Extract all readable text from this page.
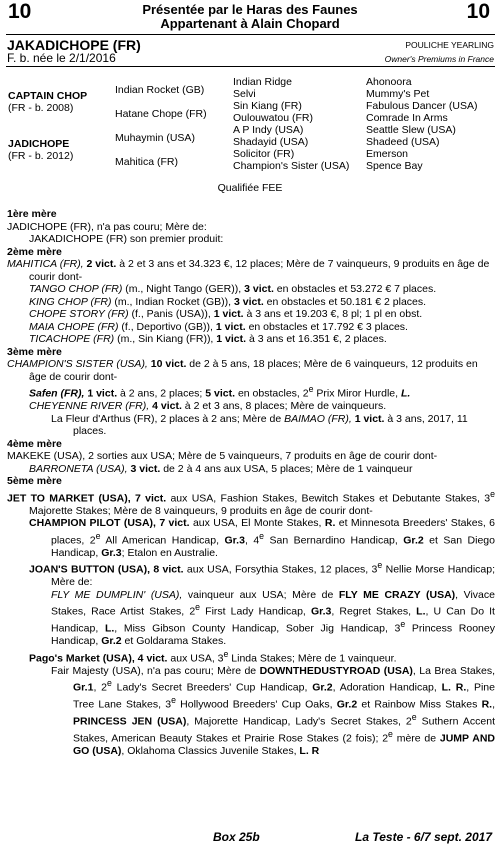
10	10
Présentée par le Haras des Faunes
Appartenant à Alain Chopard
JAKADICHOPE (FR)
F. b. née le 2/1/2016
POULICHE YEARLING
Owner's Premiums in France
CAPTAIN CHOP
(FR - b. 2008)
JADICHOPE
(FR - b. 2012)
Indian Rocket (GB)
Hatane Chope (FR)
Muhaymin (USA)
Mahitica (FR)
Indian Ridge
Selvi
Sin Kiang (FR)
Oulouwatou (FR)
A P Indy (USA)
Shadayid (USA)
Solicitor (FR)
Champion's Sister (USA)
Ahonoora
Mummy's Pet
Fabulous Dancer (USA)
Comrade In Arms
Seattle Slew (USA)
Shadeed (USA)
Emerson
Spence Bay
Qualifiée FEE
1ère mère
JADICHOPE (FR), n'a pas couru; Mère de:
JAKADICHOPE (FR) son premier produit:
2ème mère
MAHITICA (FR), 2 vict. à 2 et 3 ans et 34.323 €, 12 places; Mère de 7 vainqueurs, 9 produits en âge de courir dont-
TANGO CHOP (FR) (m., Night Tango (GER)), 3 vict. en obstacles et 53.272 € 7 places.
KING CHOP (FR) (m., Indian Rocket (GB)), 3 vict. en obstacles et 50.181 € 2 places.
CHOPE STORY (FR) (f., Panis (USA)), 1 vict. à 3 ans et 19.203 €, 8 pl; 1 pl en obst.
MAIA CHOPE (FR) (f., Deportivo (GB)), 1 vict. en obstacles et 17.792 € 3 places.
TICACHOPE (FR) (m., Sin Kiang (FR)), 1 vict. à 3 ans et 16.351 €, 2 places.
3ème mère
CHAMPION'S SISTER (USA), 10 vict. de 2 à 5 ans, 18 places; Mère de 6 vainqueurs, 12 produits en âge de courir dont-
Safen (FR), 1 vict. à 2 ans, 2 places; 5 vict. en obstacles, 2e Prix Miror Hurdle, L.
CHEYENNE RIVER (FR), 4 vict. à 2 et 3 ans, 8 places; Mère de vainqueurs.
La Fleur d'Arthus (FR), 2 places à 2 ans; Mère de BAIMAO (FR), 1 vict. à 3 ans, 2017, 11 places.
4ème mère
MAKEKE (USA), 2 sorties aux USA; Mère de 5 vainqueurs, 7 produits en âge de courir dont-
BARRONETA (USA), 3 vict. de 2 à 4 ans aux USA, 5 places; Mère de 1 vainqueur
5ème mère
JET TO MARKET (USA), 7 vict. aux USA, Fashion Stakes, Bewitch Stakes et Debutante Stakes, 3e Majorette Stakes; Mère de 8 vainqueurs, 9 produits en âge de courir dont-
CHAMPION PILOT (USA), 7 vict. aux USA, El Monte Stakes, R. et Minnesota Breeders' Stakes, 6 places, 2e All American Handicap, Gr.3, 4e San Bernardino Handicap, Gr.2 et San Diego Handicap, Gr.3; Etalon en Australie.
JOAN'S BUTTON (USA), 8 vict. aux USA, Forsythia Stakes, 12 places, 3e Nellie Morse Handicap; Mère de:
FLY ME DUMPLIN' (USA), vainqueur aux USA; Mère de FLY ME CRAZY (USA), Vivace Stakes, Race Artist Stakes, 2e First Lady Handicap, Gr.3, Regret Stakes, L., U Can Do It Handicap, L., Miss Gibson County Handicap, Sober Jig Handicap, 3e Princess Rooney Handicap, Gr.2 et Goldarama Stakes.
Pago's Market (USA), 4 vict. aux USA, 3e Linda Stakes; Mère de 1 vainqueur.
Fair Majesty (USA), n'a pas couru; Mère de DOWNTHEDUSTYROAD (USA), La Brea Stakes, Gr.1, 2e Lady's Secret Breeders' Cup Handicap, Gr.2, Adoration Handicap, L. R., Pine Tree Lane Stakes, 3e Hollywood Breeders' Cup Oaks, Gr.2 et Rainbow Miss Stakes R., PRINCESS JEN (USA), Majorette Handicap, Lady's Secret Stakes, 2e Suthern Accent Stakes, American Beauty Stakes et Prairie Rose Stakes (2 fois); 2e mère de JUMP AND GO (USA), Oklahoma Classics Juvenile Stakes, L. R
Box 25b	La Teste - 6/7 sept. 2017
